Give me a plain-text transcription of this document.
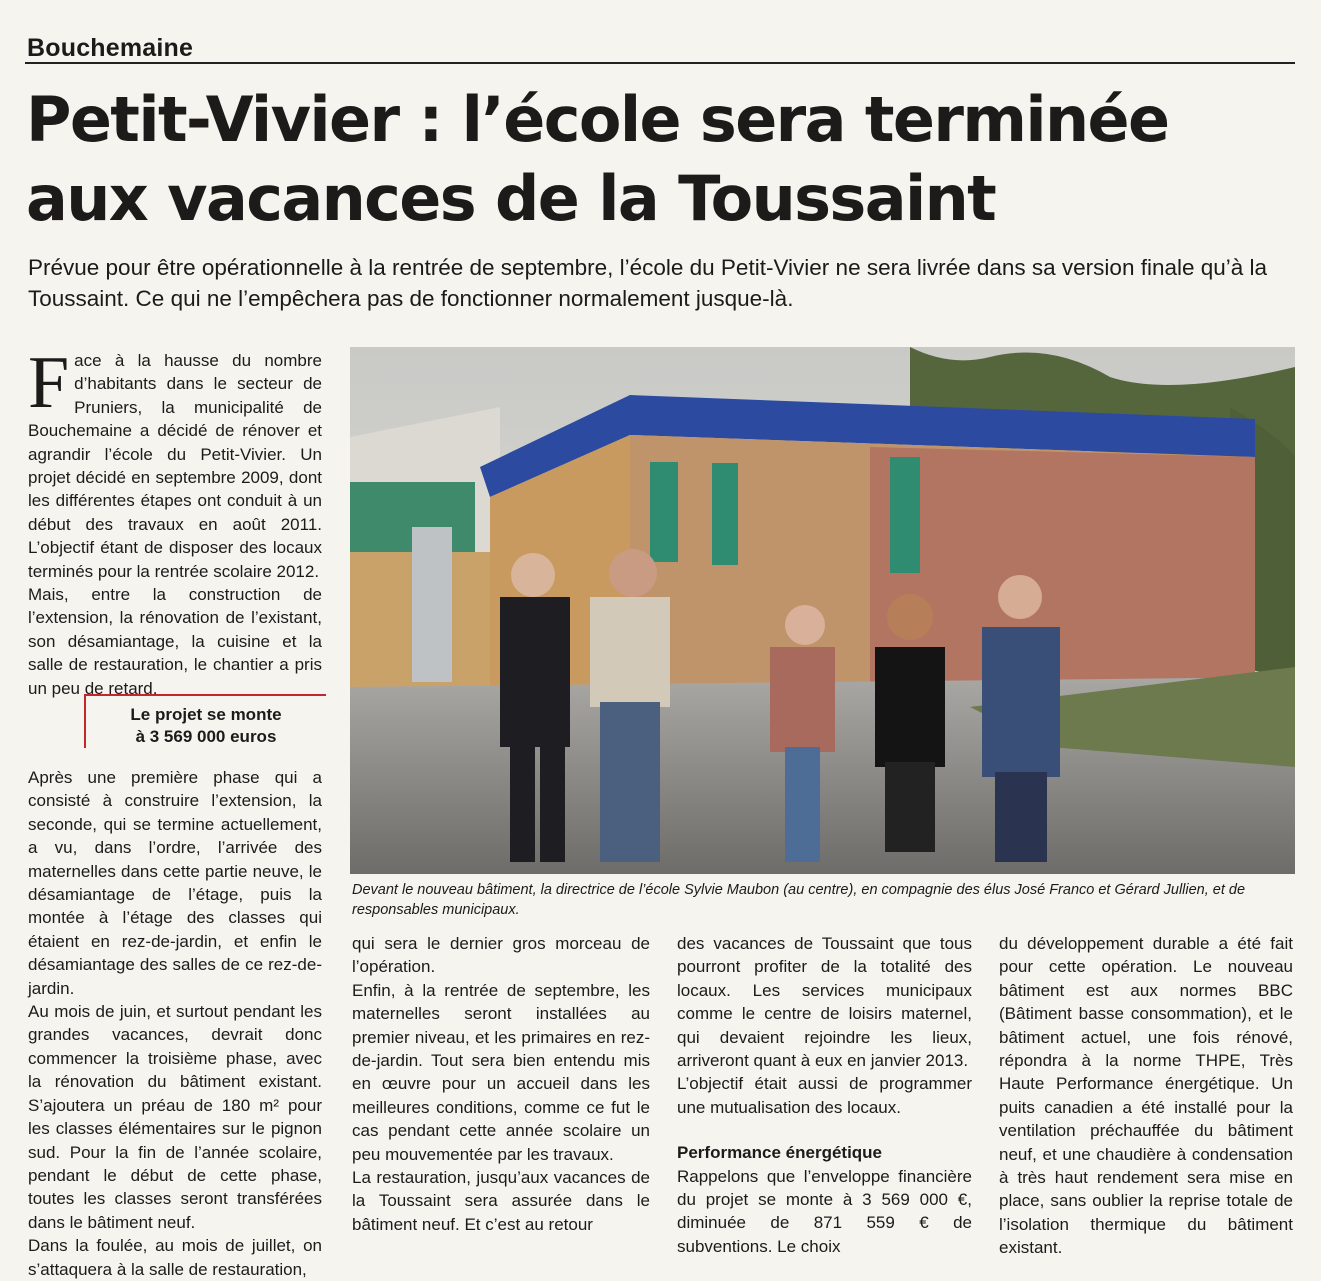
Bouchemaine
Petit-Vivier : l’école sera terminée
aux vacances de la Toussaint
Prévue pour être opérationnelle à la rentrée de septembre, l’école du Petit-Vivier ne sera livrée dans sa version finale qu’à la Toussaint. Ce qui ne l’empêchera pas de fonctionner normalement jusque-là.

Face à la hausse du nombre d’habitants dans le secteur de Pruniers, la municipalité de Bouchemaine a décidé de rénover et agrandir l’école du Petit-Vivier. Un projet décidé en septembre 2009, dont les différentes étapes ont conduit à un début des travaux en août 2011. L’objectif étant de disposer des locaux terminés pour la rentrée scolaire 2012.

Mais, entre la construction de l’extension, la rénovation de l’existant, son désamiantage, la cuisine et la salle de restauration, le chantier a pris un peu de retard.

Le projet se monte
à 3 569 000 euros

Après une première phase qui a consisté à construire l’extension, la seconde, qui se termine actuellement, a vu, dans l’ordre, l’arrivée des maternelles dans cette partie neuve, le désamiantage de l’étage, puis la montée à l’étage des classes qui étaient en rez-de-jardin, et enfin le désamiantage des salles de ce rez-de-jardin.

Au mois de juin, et surtout pendant les grandes vacances, devrait donc commencer la troisième phase, avec la rénovation du bâtiment existant. S’ajoutera un préau de 180 m² pour les classes élémentaires sur le pignon sud. Pour la fin de l’année scolaire, pendant le début de cette phase, toutes les classes seront transférées dans le bâtiment neuf.

Dans la foulée, au mois de juillet, on s’attaquera à la salle de restauration,

Devant le nouveau bâtiment, la directrice de l’école Sylvie Maubon (au centre), en compagnie des élus José Franco et Gérard Jullien, et de responsables municipaux.

qui sera le dernier gros morceau de l’opération.

Enfin, à la rentrée de septembre, les maternelles seront installées au premier niveau, et les primaires en rez-de-jardin. Tout sera bien entendu mis en œuvre pour un accueil dans les meilleures conditions, comme ce fut le cas pendant cette année scolaire un peu mouvementée par les travaux.

La restauration, jusqu’aux vacances de la Toussaint sera assurée dans le bâtiment neuf. Et c’est au retour

des vacances de Toussaint que tous pourront profiter de la totalité des locaux. Les services municipaux comme le centre de loisirs maternel, qui devaient rejoindre les lieux, arriveront quant à eux en janvier 2013.

L’objectif était aussi de programmer une mutualisation des locaux.

Performance énergétique

Rappelons que l’enveloppe financière du projet se monte à 3 569 000 €, diminuée de 871 559 € de subventions. Le choix

du développement durable a été fait pour cette opération. Le nouveau bâtiment est aux normes BBC (Bâtiment basse consommation), et le bâtiment actuel, une fois rénové, répondra à la norme THPE, Très Haute Performance énergétique. Un puits canadien a été installé pour la ventilation préchauffée du bâtiment neuf, et une chaudière à condensation à très haut rendement sera mise en place, sans oublier la reprise totale de l’isolation thermique du bâtiment existant.
